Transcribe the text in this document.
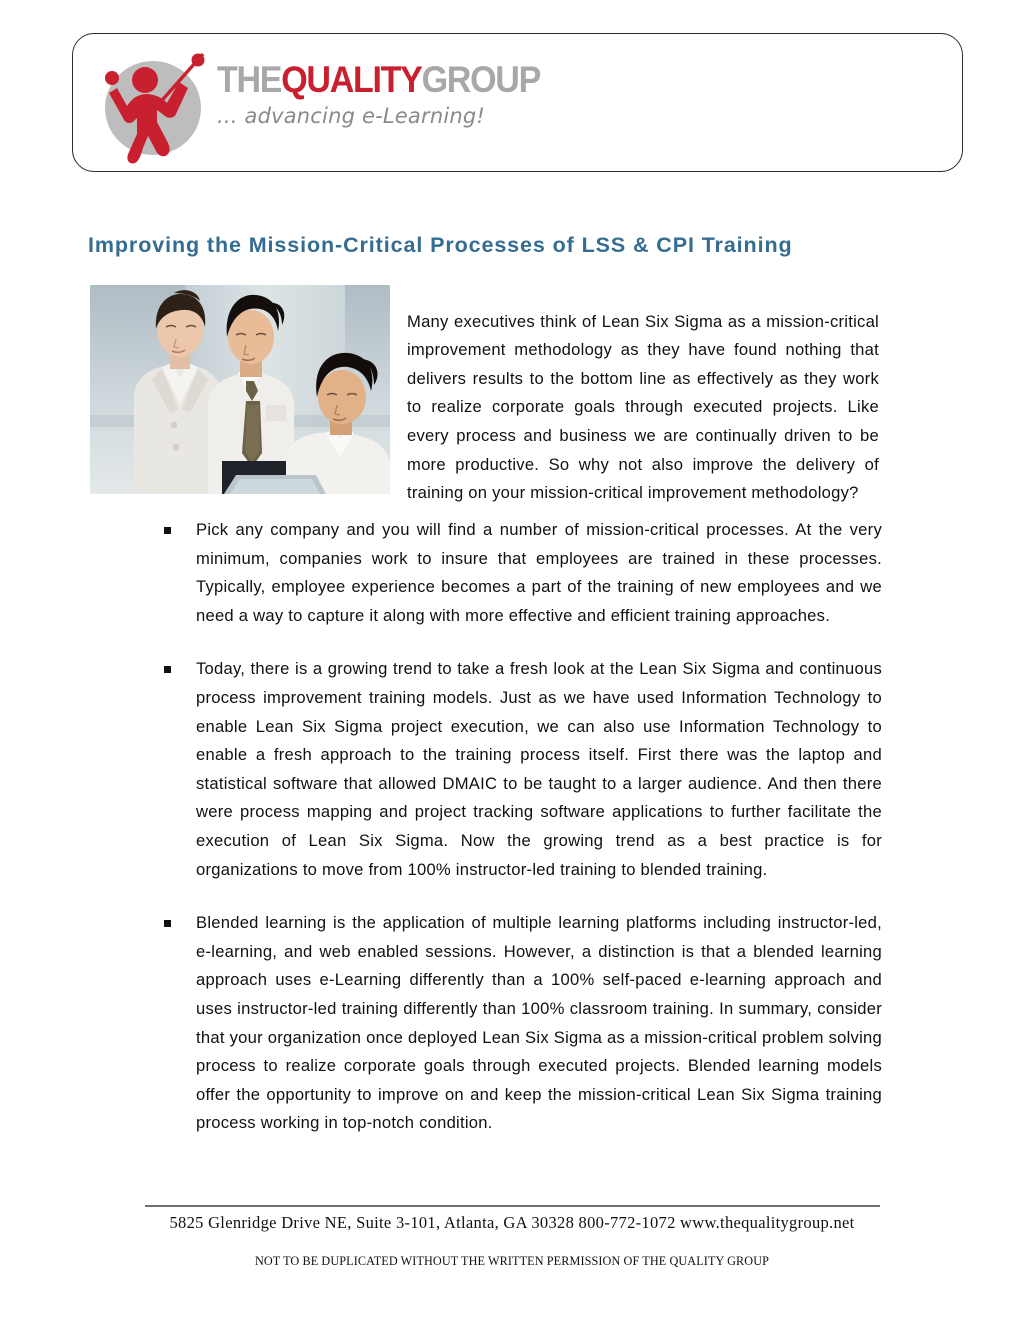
THEQUALITYGROUP
... advancing e-Learning!
Improving the Mission-Critical Processes of LSS & CPI Training

Many executives think of Lean Six Sigma as a mission-critical improvement methodology as they have found nothing that delivers results to the bottom line as effectively as they work to realize corporate goals through executed projects. Like every process and business we are continually driven to be more productive. So why not also improve the delivery of training on your mission-critical improvement methodology?

Pick any company and you will find a number of mission-critical processes. At the very minimum, companies work to insure that employees are trained in these processes. Typically, employee experience becomes a part of the training of new employees and we need a way to capture it along with more effective and efficient training approaches.
Today, there is a growing trend to take a fresh look at the Lean Six Sigma and continuous process improvement training models. Just as we have used Information Technology to enable Lean Six Sigma project execution, we can also use Information Technology to enable a fresh approach to the training process itself. First there was the laptop and statistical software that allowed DMAIC to be taught to a larger audience. And then there were process mapping and project tracking software applications to further facilitate the execution of Lean Six Sigma. Now the growing trend as a best practice is for organizations to move from 100% instructor-led training to blended training.
Blended learning is the application of multiple learning platforms including instructor-led, e-learning, and web enabled sessions. However, a distinction is that a blended learning approach uses e-Learning differently than a 100% self-paced e-learning approach and uses instructor-led training differently than 100% classroom training. In summary, consider that your organization once deployed Lean Six Sigma as a mission-critical problem solving process to realize corporate goals through executed projects. Blended learning models offer the opportunity to improve on and keep the mission-critical Lean Six Sigma training process working in top-notch condition.
5825 Glenridge Drive NE, Suite 3-101, Atlanta, GA 30328 800-772-1072 www.thequalitygroup.net
NOT TO BE DUPLICATED WITHOUT THE WRITTEN PERMISSION OF THE QUALITY GROUP
